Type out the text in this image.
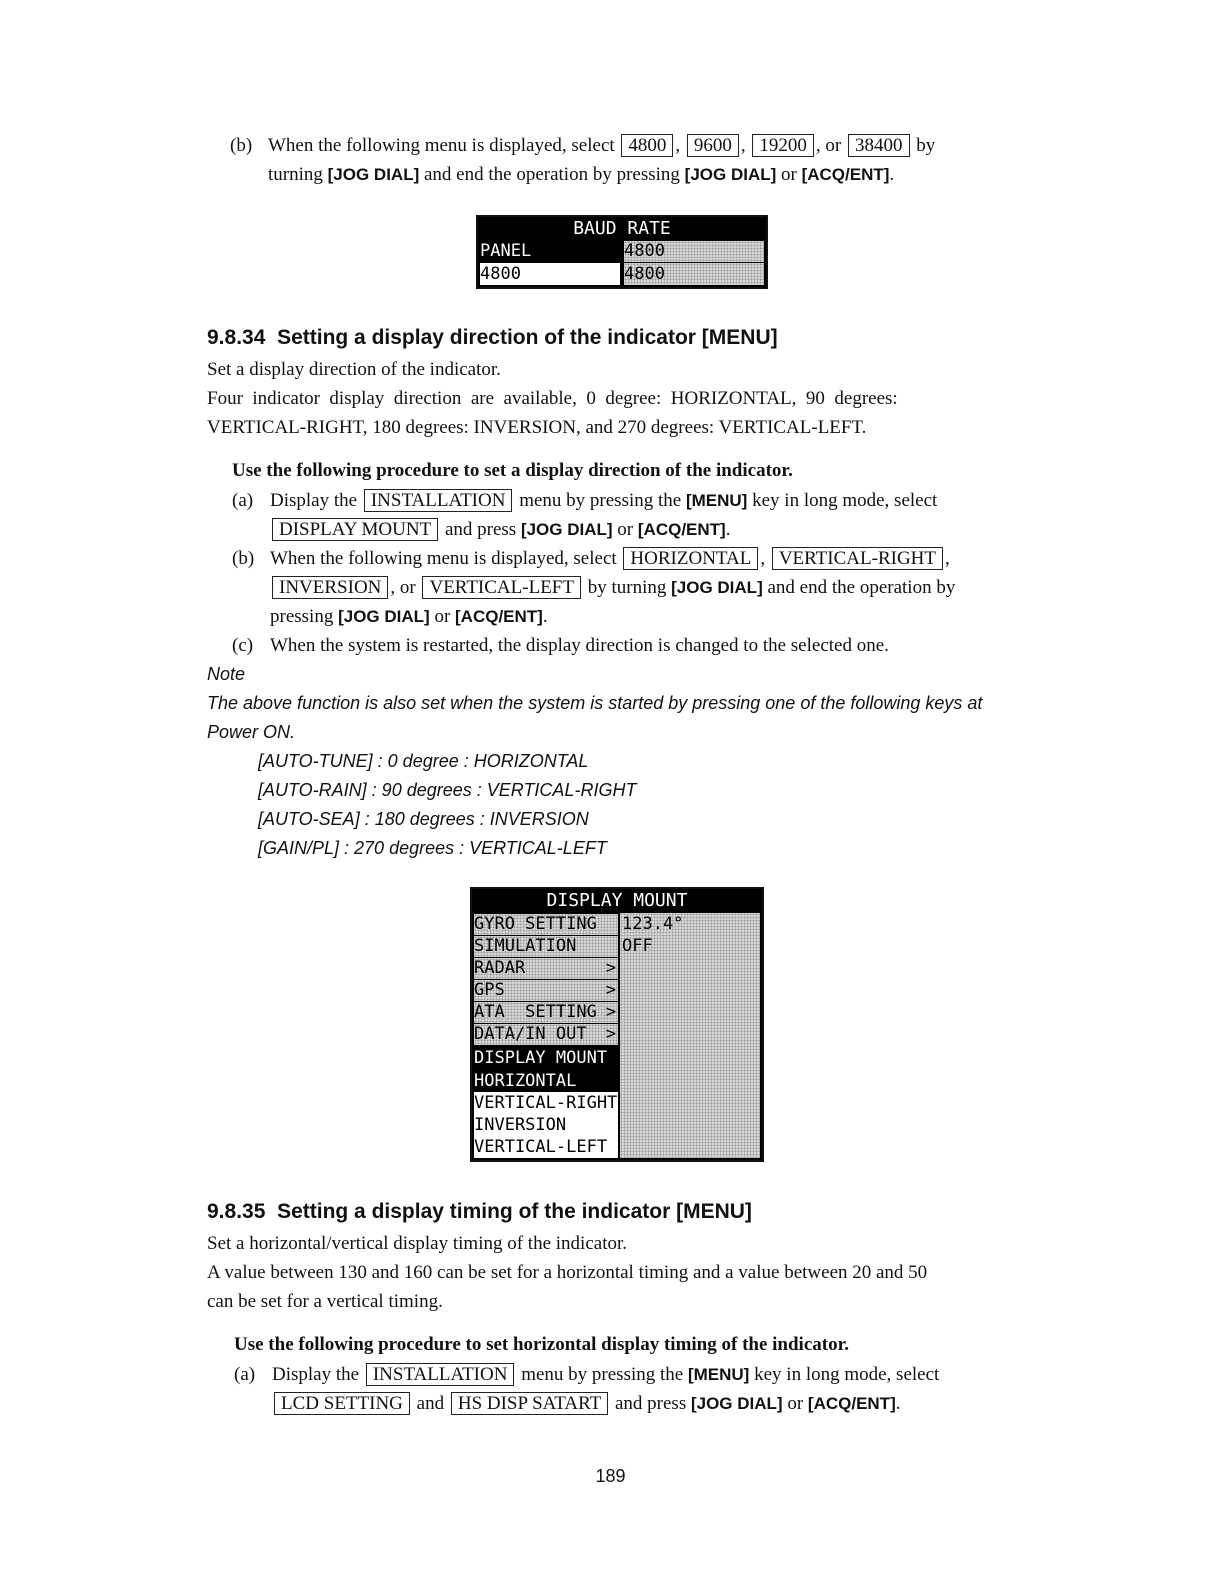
(b) When the following menu is displayed, select 4800 , 9600 , 19200 , or 38400 by
turning [JOG DIAL] and end the operation by pressing [JOG DIAL] or [ACQ/ENT].
BAUD RATE
PANEL	4800
4800	4800
9.8.34 Setting a display direction of the indicator [MENU]
Set a display direction of the indicator.
Four  indicator  display  direction  are  available,  0  degree:  HORIZONTAL,  90  degrees:
VERTICAL-RIGHT, 180 degrees: INVERSION, and 270 degrees: VERTICAL-LEFT.
Use the following procedure to set a display direction of the indicator.
(a) Display the INSTALLATION menu by pressing the [MENU] key in long mode, select
DISPLAY MOUNT and press [JOG DIAL] or [ACQ/ENT].
(b) When the following menu is displayed, select HORIZONTAL , VERTICAL-RIGHT ,
INVERSION , or VERTICAL-LEFT by turning [JOG DIAL] and end the operation by
pressing [JOG DIAL] or [ACQ/ENT].
(c) When the system is restarted, the display direction is changed to the selected one.
Note
The above function is also set when the system is started by pressing one of the following keys at
Power ON.
[AUTO-TUNE] : 0 degree : HORIZONTAL
[AUTO-RAIN] : 90 degrees : VERTICAL-RIGHT
[AUTO-SEA] : 180 degrees : INVERSION
[GAIN/PL] : 270 degrees : VERTICAL-LEFT
DISPLAY MOUNT
GYRO SETTING	123.4°
SIMULATION	OFF
RADAR	>
GPS	>
ATA  SETTING >
DATA/IN OUT >
DISPLAY MOUNT
HORIZONTAL
VERTICAL-RIGHT
INVERSION
VERTICAL-LEFT
9.8.35 Setting a display timing of the indicator [MENU]
Set a horizontal/vertical display timing of the indicator.
A value between 130 and 160 can be set for a horizontal timing and a value between 20 and 50
can be set for a vertical timing.
Use the following procedure to set horizontal display timing of the indicator.
(a) Display the INSTALLATION menu by pressing the [MENU] key in long mode, select
LCD SETTING and HS DISP SATART and press [JOG DIAL] or [ACQ/ENT].
189
